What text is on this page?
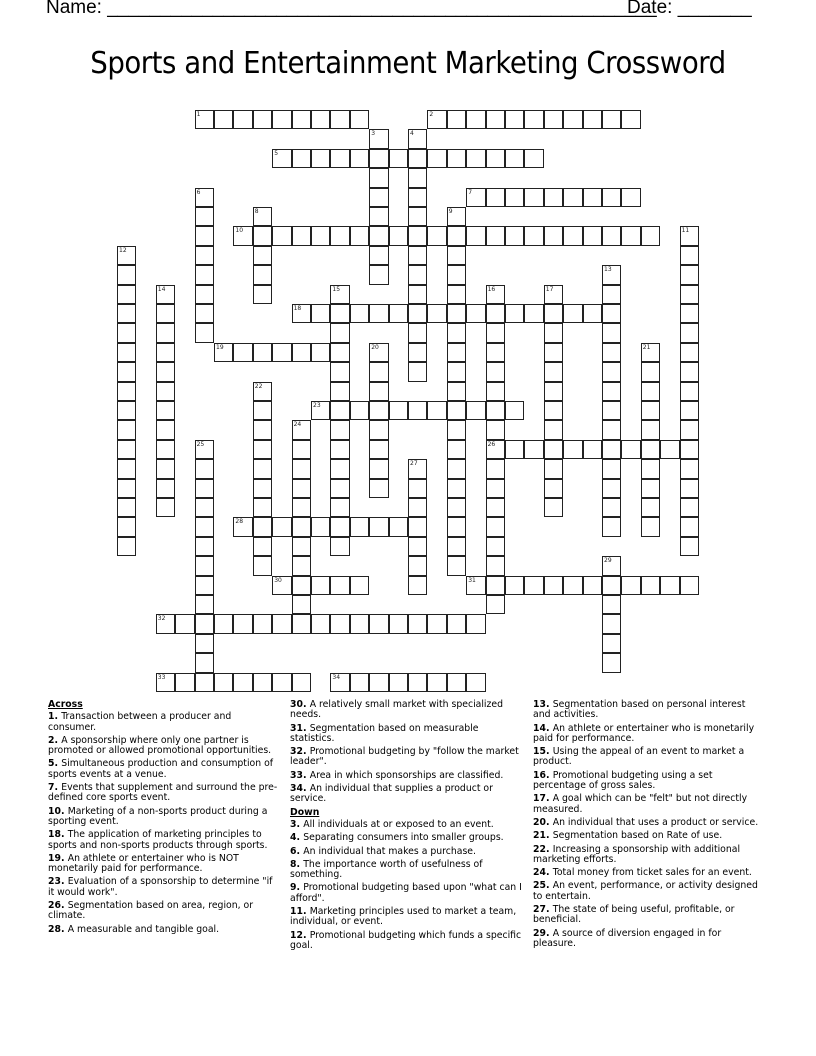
Name: ____________________________________________________
Date: _______
Sports and Entertainment Marketing Crossword
1	2
3	4
5
6	7
8	9
10	11
12
13
14	15	16
26
17
18
19	20	21
22
23
24
25
27
28
29
30	31
32
33	34
Across
1. Transaction between a producer and consumer.
2. A sponsorship where only one partner is promoted or allowed promotional opportunities.
5. Simultaneous production and consumption of sports events at a venue.
7. Events that supplement and surround the pre-defined core sports event.
10. Marketing of a non-sports product during a sporting event.
18. The application of marketing principles to sports and non-sports products through sports.
19. An athlete or entertainer who is NOT monetarily paid for performance.
23. Evaluation of a sponsorship to determine "if it would work".
26. Segmentation based on area, region, or climate.
28. A measurable and tangible goal.
30. A relatively small market with specialized needs.
31. Segmentation based on measurable statistics.
32. Promotional budgeting by "follow the market leader".
33. Area in which sponsorships are classified.
34. An individual that supplies a product or service.
Down
3. All individuals at or exposed to an event.
4. Separating consumers into smaller groups.
6. An individual that makes a purchase.
8. The importance worth of usefulness of something.
9. Promotional budgeting based upon "what can I afford".
11. Marketing principles used to market a team, individual, or event.
12. Promotional budgeting which funds a specific goal.
13. Segmentation based on personal interest and activities.
14. An athlete or entertainer who is monetarily paid for performance.
15. Using the appeal of an event to market a product.
16. Promotional budgeting using a set percentage of gross sales.
17. A goal which can be "felt" but not directly measured.
20. An individual that uses a product or service.
21. Segmentation based on Rate of use.
22. Increasing a sponsorship with additional marketing efforts.
24. Total money from ticket sales for an event.
25. An event, performance, or activity designed to entertain.
27. The state of being useful, profitable, or beneficial.
29. A source of diversion engaged in for pleasure.
